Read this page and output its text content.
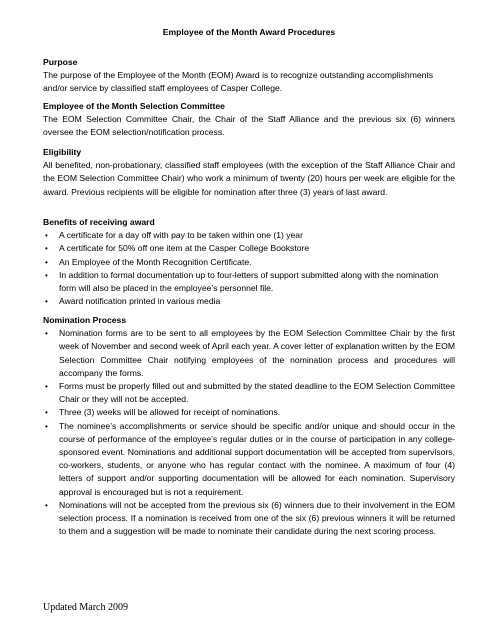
Employee of the Month Award Procedures
Purpose
The purpose of the Employee of the Month (EOM) Award is to recognize outstanding accomplishments and/or service by classified staff employees of Casper College.
Employee of the Month Selection Committee
The EOM Selection Committee Chair, the Chair of the Staff Alliance and the previous six (6) winners oversee the EOM selection/notification process.
Eligibility
All benefited, non-probationary, classified staff employees (with the exception of the Staff Alliance Chair and the EOM Selection Committee Chair) who work a minimum of twenty (20) hours per week are eligible for the award. Previous recipients will be eligible for nomination after three (3) years of last award.
Benefits of receiving award
• A certificate for a day off with pay to be taken within one (1) year
• A certificate for 50% off one item at the Casper College Bookstore
• An Employee of the Month Recognition Certificate.
• In addition to formal documentation up to four-letters of support submitted along with the nomination form will also be placed in the employee’s personnel file.
• Award notification printed in various media
Nomination Process
• Nomination forms are to be sent to all employees by the EOM Selection Committee Chair by the first week of November and second week of April each year. A cover letter of explanation written by the EOM Selection Committee Chair notifying employees of the nomination process and procedures will accompany the forms.
• Forms must be properly filled out and submitted by the stated deadline to the EOM Selection Committee Chair or they will not be accepted.
• Three (3) weeks will be allowed for receipt of nominations.
• The nominee’s accomplishments or service should be specific and/or unique and should occur in the course of performance of the employee’s regular duties or in the course of participation in any college-sponsored event. Nominations and additional support documentation will be accepted from supervisors, co-workers, students, or anyone who has regular contact with the nominee. A maximum of four (4) letters of support and/or supporting documentation will be allowed for each nomination. Supervisory approval is encouraged but is not a requirement.
• Nominations will not be accepted from the previous six (6) winners due to their involvement in the EOM selection process. If a nomination is received from one of the six (6) previous winners it will be returned to them and a suggestion will be made to nominate their candidate during the next scoring process.
Updated March 2009
